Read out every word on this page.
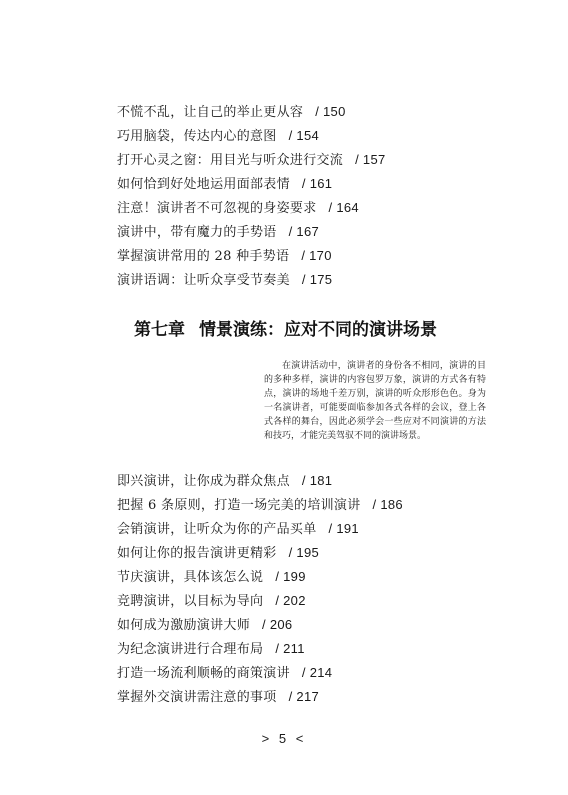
不慌不乱，让自己的举止更从容 / 150
巧用脑袋，传达内心的意图 / 154
打开心灵之窗：用目光与听众进行交流 / 157
如何恰到好处地运用面部表情 / 161
注意！演讲者不可忽视的身姿要求 / 164
演讲中，带有魔力的手势语 / 167
掌握演讲常用的 28 种手势语 / 170
演讲语调：让听众享受节奏美 / 175
第七章 情景演练：应对不同的演讲场景

在演讲活动中，演讲者的身份各不相同，演讲的目的多种多样，演讲的内容包罗万象，演讲的方式各有特点，演讲的场地千差万别，演讲的听众形形色色。身为一名演讲者，可能要面临参加各式各样的会议，登上各式各样的舞台，因此必须学会一些应对不同演讲的方法和技巧，才能完美驾驭不同的演讲场景。

即兴演讲，让你成为群众焦点 / 181
把握 6 条原则，打造一场完美的培训演讲 / 186
会销演讲，让听众为你的产品买单 / 191
如何让你的报告演讲更精彩 / 195
节庆演讲，具体该怎么说 / 199
竞聘演讲，以目标为导向 / 202
如何成为激励演讲大师 / 206
为纪念演讲进行合理布局 / 211
打造一场流利顺畅的商策演讲 / 214
掌握外交演讲需注意的事项 / 217
> 5 <
